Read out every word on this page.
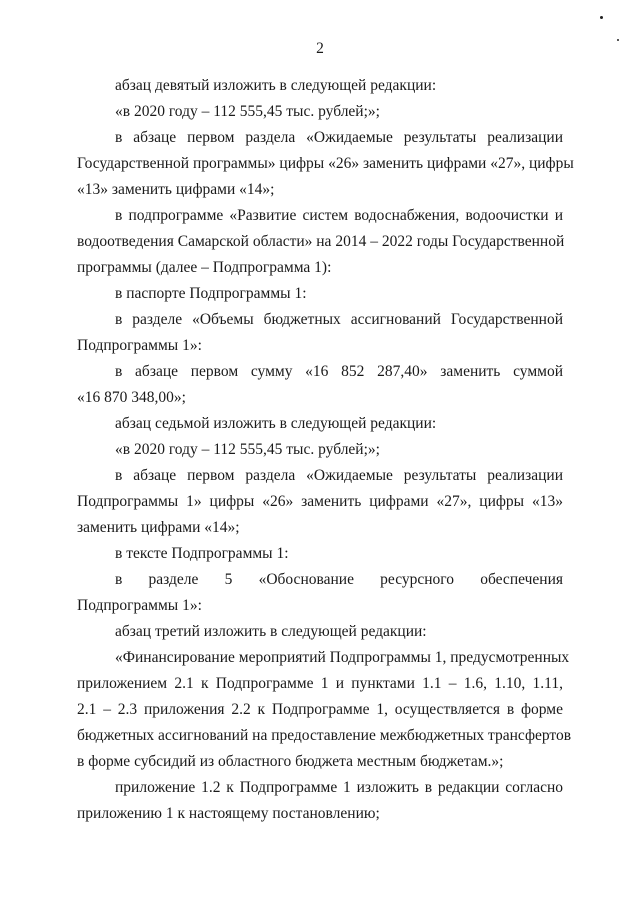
2
абзац девятый изложить в следующей редакции:
«в 2020 году – 112 555,45 тыс. рублей;»;
в абзаце первом раздела «Ожидаемые результаты реализации
Государственной программы» цифры «26» заменить цифрами «27», цифры
«13» заменить цифрами «14»;
в подпрограмме «Развитие систем водоснабжения, водоочистки и
водоотведения Самарской области» на 2014 – 2022 годы Государственной
программы (далее – Подпрограмма 1):
в паспорте Подпрограммы 1:
в разделе «Объемы бюджетных ассигнований Государственной
Подпрограммы 1»:
в абзаце первом сумму «16 852 287,40» заменить суммой
«16 870 348,00»;
абзац седьмой изложить в следующей редакции:
«в 2020 году – 112 555,45 тыс. рублей;»;
в абзаце первом раздела «Ожидаемые результаты реализации
Подпрограммы 1» цифры «26» заменить цифрами «27», цифры «13»
заменить цифрами «14»;
в тексте Подпрограммы 1:
в разделе 5 «Обоснование ресурсного обеспечения
Подпрограммы 1»:
абзац третий изложить в следующей редакции:
«Финансирование мероприятий Подпрограммы 1, предусмотренных
приложением 2.1 к Подпрограмме 1 и пунктами 1.1 – 1.6, 1.10, 1.11,
2.1 – 2.3 приложения 2.2 к Подпрограмме 1, осуществляется в форме
бюджетных ассигнований на предоставление межбюджетных трансфертов
в форме субсидий из областного бюджета местным бюджетам.»;
приложение 1.2 к Подпрограмме 1 изложить в редакции согласно
приложению 1 к настоящему постановлению;
